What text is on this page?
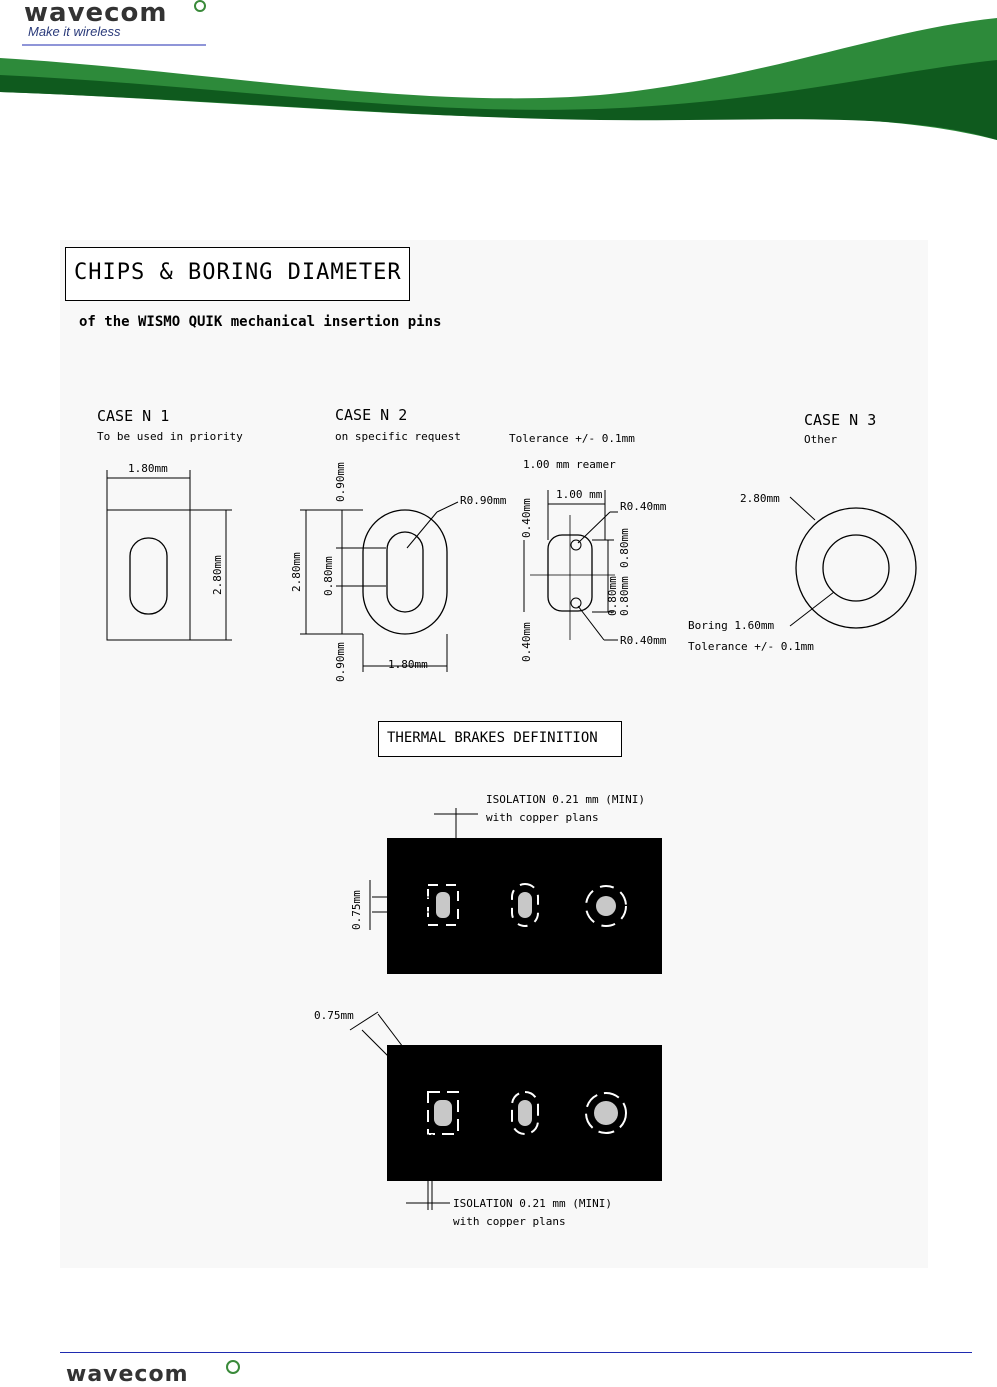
wavecom
Make it wireless
CHIPS & BORING DIAMETER
of the WISMO QUIK mechanical insertion pins
CASE N 1
To be used in priority
1.80mm
2.80mm
CASE N 2
on specific request	Tolerance +/- 0.1mm
1.00 mm reamer
R0.90mm
2.80mm
0.90mm
0.80mm
0.90mm	1.80mm
1.00 mm
R0.40mm
R0.40mm
0.40mm
0.40mm
0.80mm
0.80mm
0.80mm
CASE N 3
Other
2.80mm
Boring 1.60mm
Tolerance +/- 0.1mm
ISOLATION 0.21 mm (MINI)
with copper plans
0.75mm
0.75mm
ISOLATION 0.21 mm (MINI)
with copper plans
THERMAL BRAKES DEFINITION
wavecom
